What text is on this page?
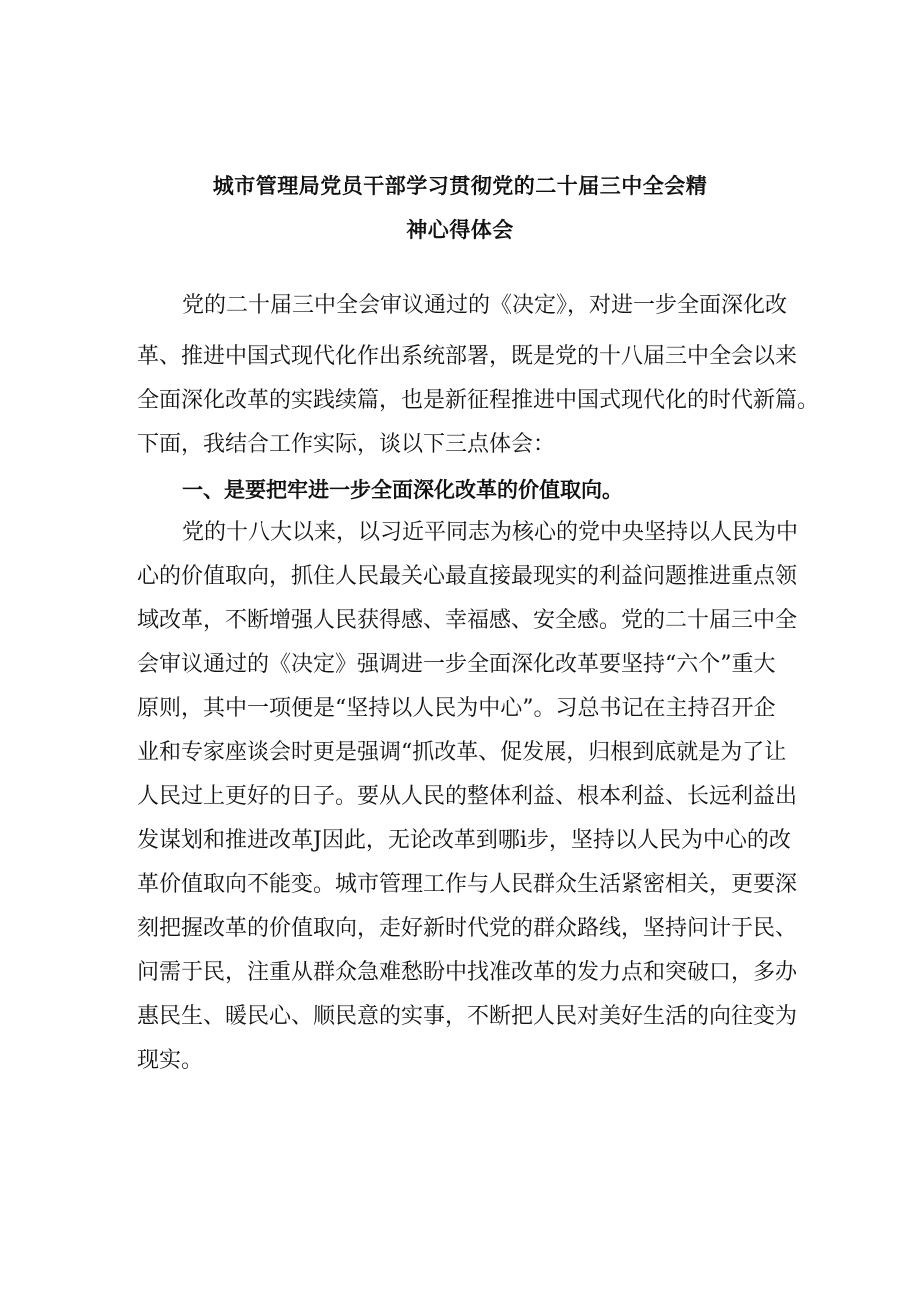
城市管理局党员干部学习贯彻党的二十届三中全会精
神心得体会
党的二十届三中全会审议通过的《决定》，对进一步全面深化改
革、推进中国式现代化作出系统部署，既是党的十八届三中全会以来
全面深化改革的实践续篇，也是新征程推进中国式现代化的时代新篇。
下面，我结合工作实际，谈以下三点体会：
一、是要把牢进一步全面深化改革的价值取向。
党的十八大以来，以习近平同志为核心的党中央坚持以人民为中
心的价值取向，抓住人民最关心最直接最现实的利益问题推进重点领
域改革，不断增强人民获得感、幸福感、安全感。党的二十届三中全
会审议通过的《决定》强调进一步全面深化改革要坚持“六个”重大
原则，其中一项便是“坚持以人民为中心”。习总书记在主持召开企
业和专家座谈会时更是强调“抓改革、促发展，归根到底就是为了让
人民过上更好的日子。要从人民的整体利益、根本利益、长远利益出
发谋划和推进改革J因此，无论改革到哪i步，坚持以人民为中心的改
革价值取向不能变。城市管理工作与人民群众生活紧密相关，更要深
刻把握改革的价值取向，走好新时代党的群众路线，坚持问计于民、
问需于民，注重从群众急难愁盼中找准改革的发力点和突破口，多办
惠民生、暖民心、顺民意的实事，不断把人民对美好生活的向往变为
现实。
